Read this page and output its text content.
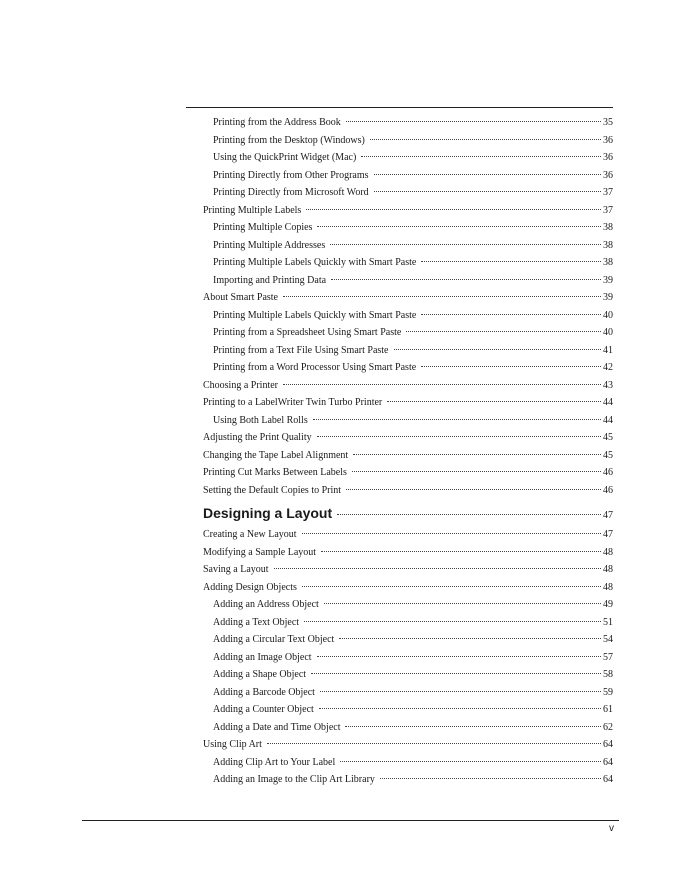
Printing from the Address Book	35
Printing from the Desktop (Windows)	36
Using the QuickPrint Widget (Mac)	36
Printing Directly from Other Programs	36
Printing Directly from Microsoft Word	37
Printing Multiple Labels	37
Printing Multiple Copies	38
Printing Multiple Addresses	38
Printing Multiple Labels Quickly with Smart Paste	38
Importing and Printing Data	39
About Smart Paste	39
Printing Multiple Labels Quickly with Smart Paste	40
Printing from a Spreadsheet Using Smart Paste	40
Printing from a Text File Using Smart Paste	41
Printing from a Word Processor Using Smart Paste	42
Choosing a Printer	43
Printing to a LabelWriter Twin Turbo Printer	44
Using Both Label Rolls	44
Adjusting the Print Quality	45
Changing the Tape Label Alignment	45
Printing Cut Marks Between Labels	46
Setting the Default Copies to Print	46
Designing a Layout	47
Creating a New Layout	47
Modifying a Sample Layout	48
Saving a Layout	48
Adding Design Objects	48
Adding an Address Object	49
Adding a Text Object	51
Adding a Circular Text Object	54
Adding an Image Object	57
Adding a Shape Object	58
Adding a Barcode Object	59
Adding a Counter Object	61
Adding a Date and Time Object	62
Using Clip Art	64
Adding Clip Art to Your Label	64
Adding an Image to the Clip Art Library	64
v
